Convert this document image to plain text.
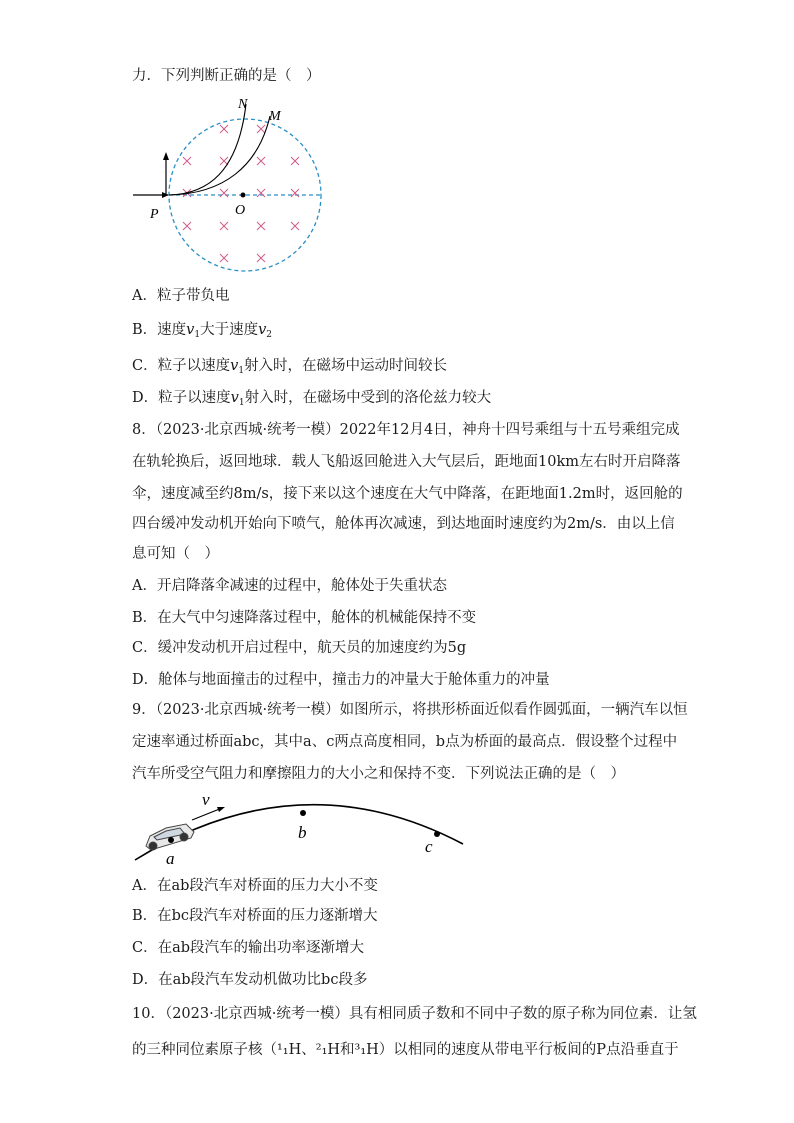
力．下列判断正确的是（　）
N
M
O
P
A．粒子带负电
B．速度$v_1$大于速度$v_2$
C．粒子以速度$v_1$射入时，在磁场中运动时间较长
D．粒子以速度$v_1$射入时，在磁场中受到的洛伦兹力较大
8．（2023·北京西城·统考一模）2022年12月4日，神舟十四号乘组与十五号乘组完成
在轨轮换后，返回地球．载人飞船返回舱进入大气层后，距地面10km左右时开启降落
伞，速度减至约8m/s，接下来以这个速度在大气中降落，在距地面1.2m时，返回舱的
四台缓冲发动机开始向下喷气，舱体再次减速，到达地面时速度约为2m/s．由以上信
息可知（　）
A．开启降落伞减速的过程中，舱体处于失重状态
B．在大气中匀速降落过程中，舱体的机械能保持不变
C．缓冲发动机开启过程中，航天员的加速度约为5g
D．舱体与地面撞击的过程中，撞击力的冲量大于舱体重力的冲量
9．（2023·北京西城·统考一模）如图所示，将拱形桥面近似看作圆弧面，一辆汽车以恒
定速率通过桥面abc，其中a、c两点高度相同，b点为桥面的最高点．假设整个过程中
汽车所受空气阻力和摩擦阻力的大小之和保持不变．下列说法正确的是（　）
v
a
b
c
A．在ab段汽车对桥面的压力大小不变
B．在bc段汽车对桥面的压力逐渐增大
C．在ab段汽车的输出功率逐渐增大
D．在ab段汽车发动机做功比bc段多
10．（2023·北京西城·统考一模）具有相同质子数和不同中子数的原子称为同位素．让氢
的三种同位素原子核（¹₁H、²₁H和³₁H）以相同的速度从带电平行板间的P点沿垂直于
